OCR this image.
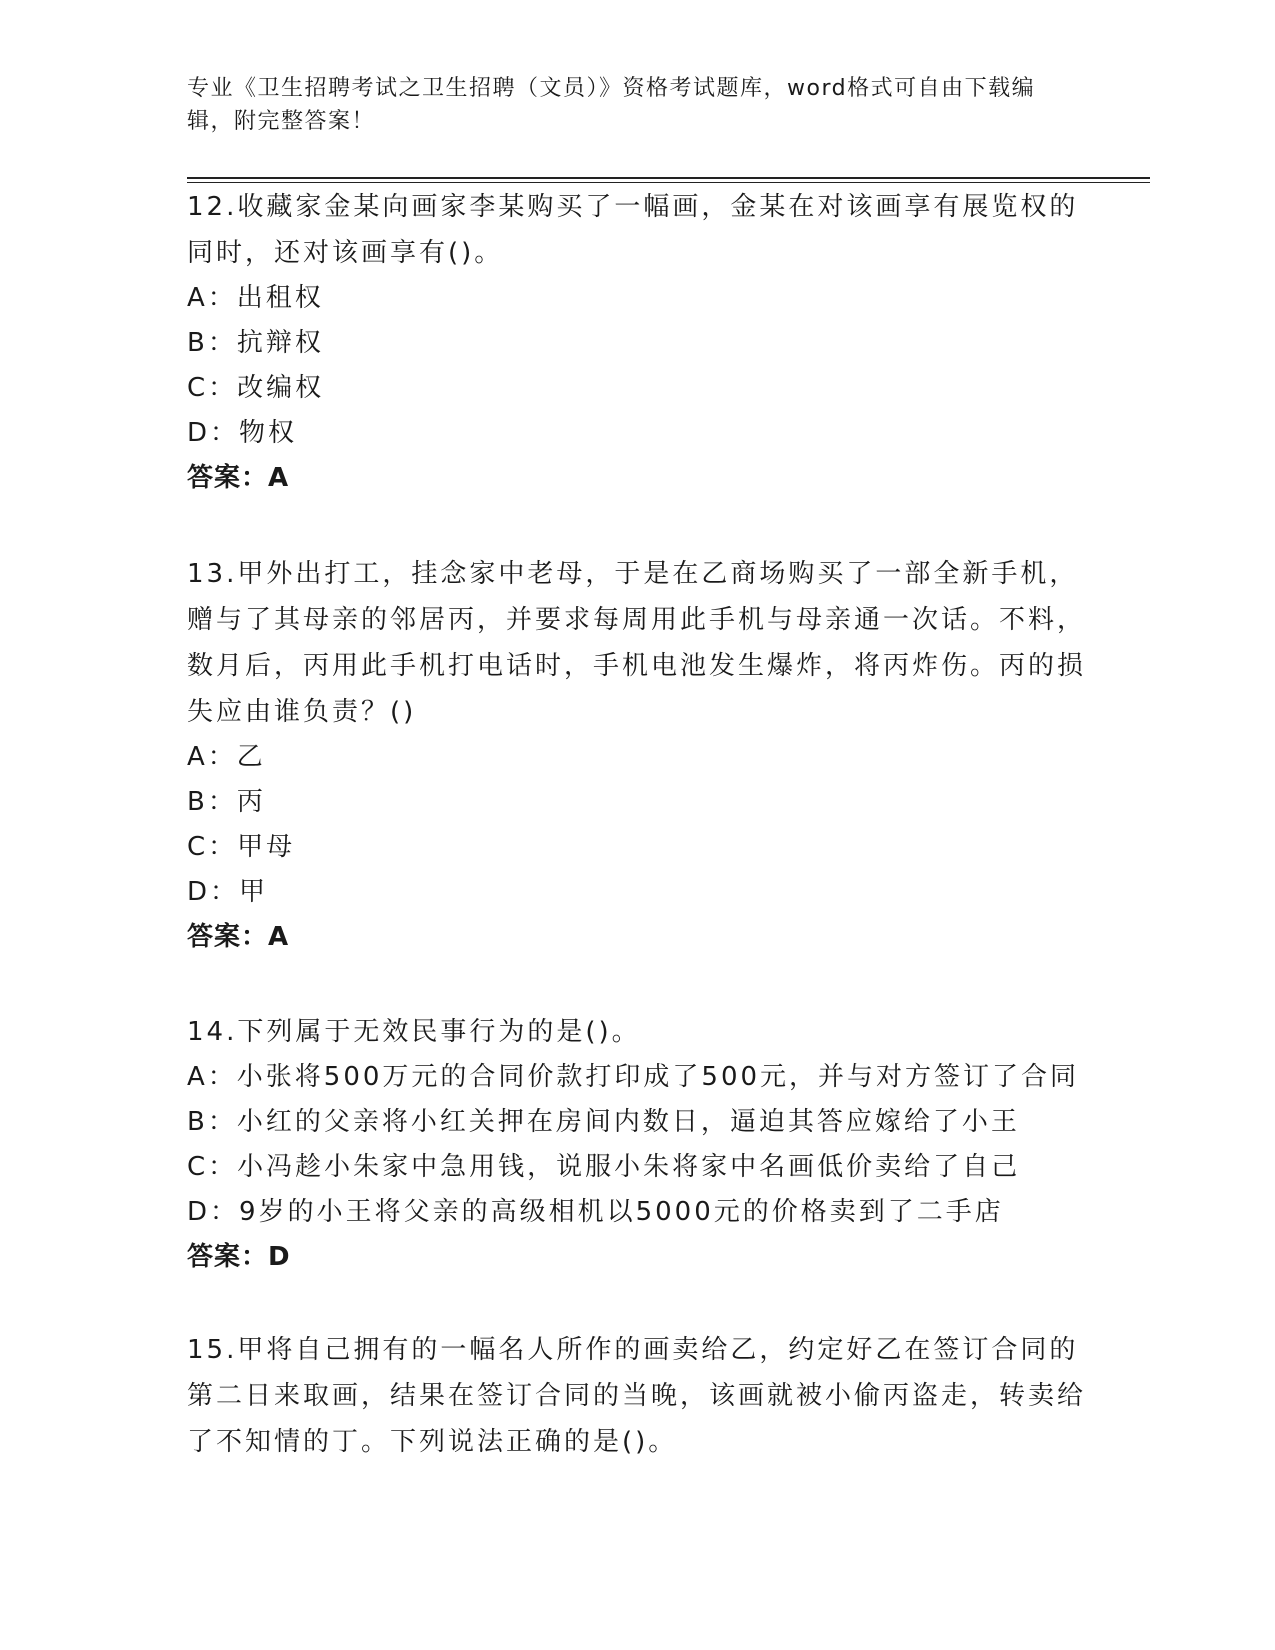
专业《卫生招聘考试之卫生招聘（文员）》资格考试题库，word格式可自由下载编辑，附完整答案！

12.收藏家金某向画家李某购买了一幅画，金某在对该画享有展览权的同时，还对该画享有()。

A：出租权

B：抗辩权

C：改编权

D：物权

答案：A

13.甲外出打工，挂念家中老母，于是在乙商场购买了一部全新手机，赠与了其母亲的邻居丙，并要求每周用此手机与母亲通一次话。不料，数月后，丙用此手机打电话时，手机电池发生爆炸，将丙炸伤。丙的损失应由谁负责？()

A：乙

B：丙

C：甲母

D：甲

答案：A

14.下列属于无效民事行为的是()。

A：小张将500万元的合同价款打印成了500元，并与对方签订了合同

B：小红的父亲将小红关押在房间内数日，逼迫其答应嫁给了小王

C：小冯趁小朱家中急用钱，说服小朱将家中名画低价卖给了自己

D：9岁的小王将父亲的高级相机以5000元的价格卖到了二手店

答案：D

15.甲将自己拥有的一幅名人所作的画卖给乙，约定好乙在签订合同的第二日来取画，结果在签订合同的当晚，该画就被小偷丙盗走，转卖给了不知情的丁。下列说法正确的是()。
